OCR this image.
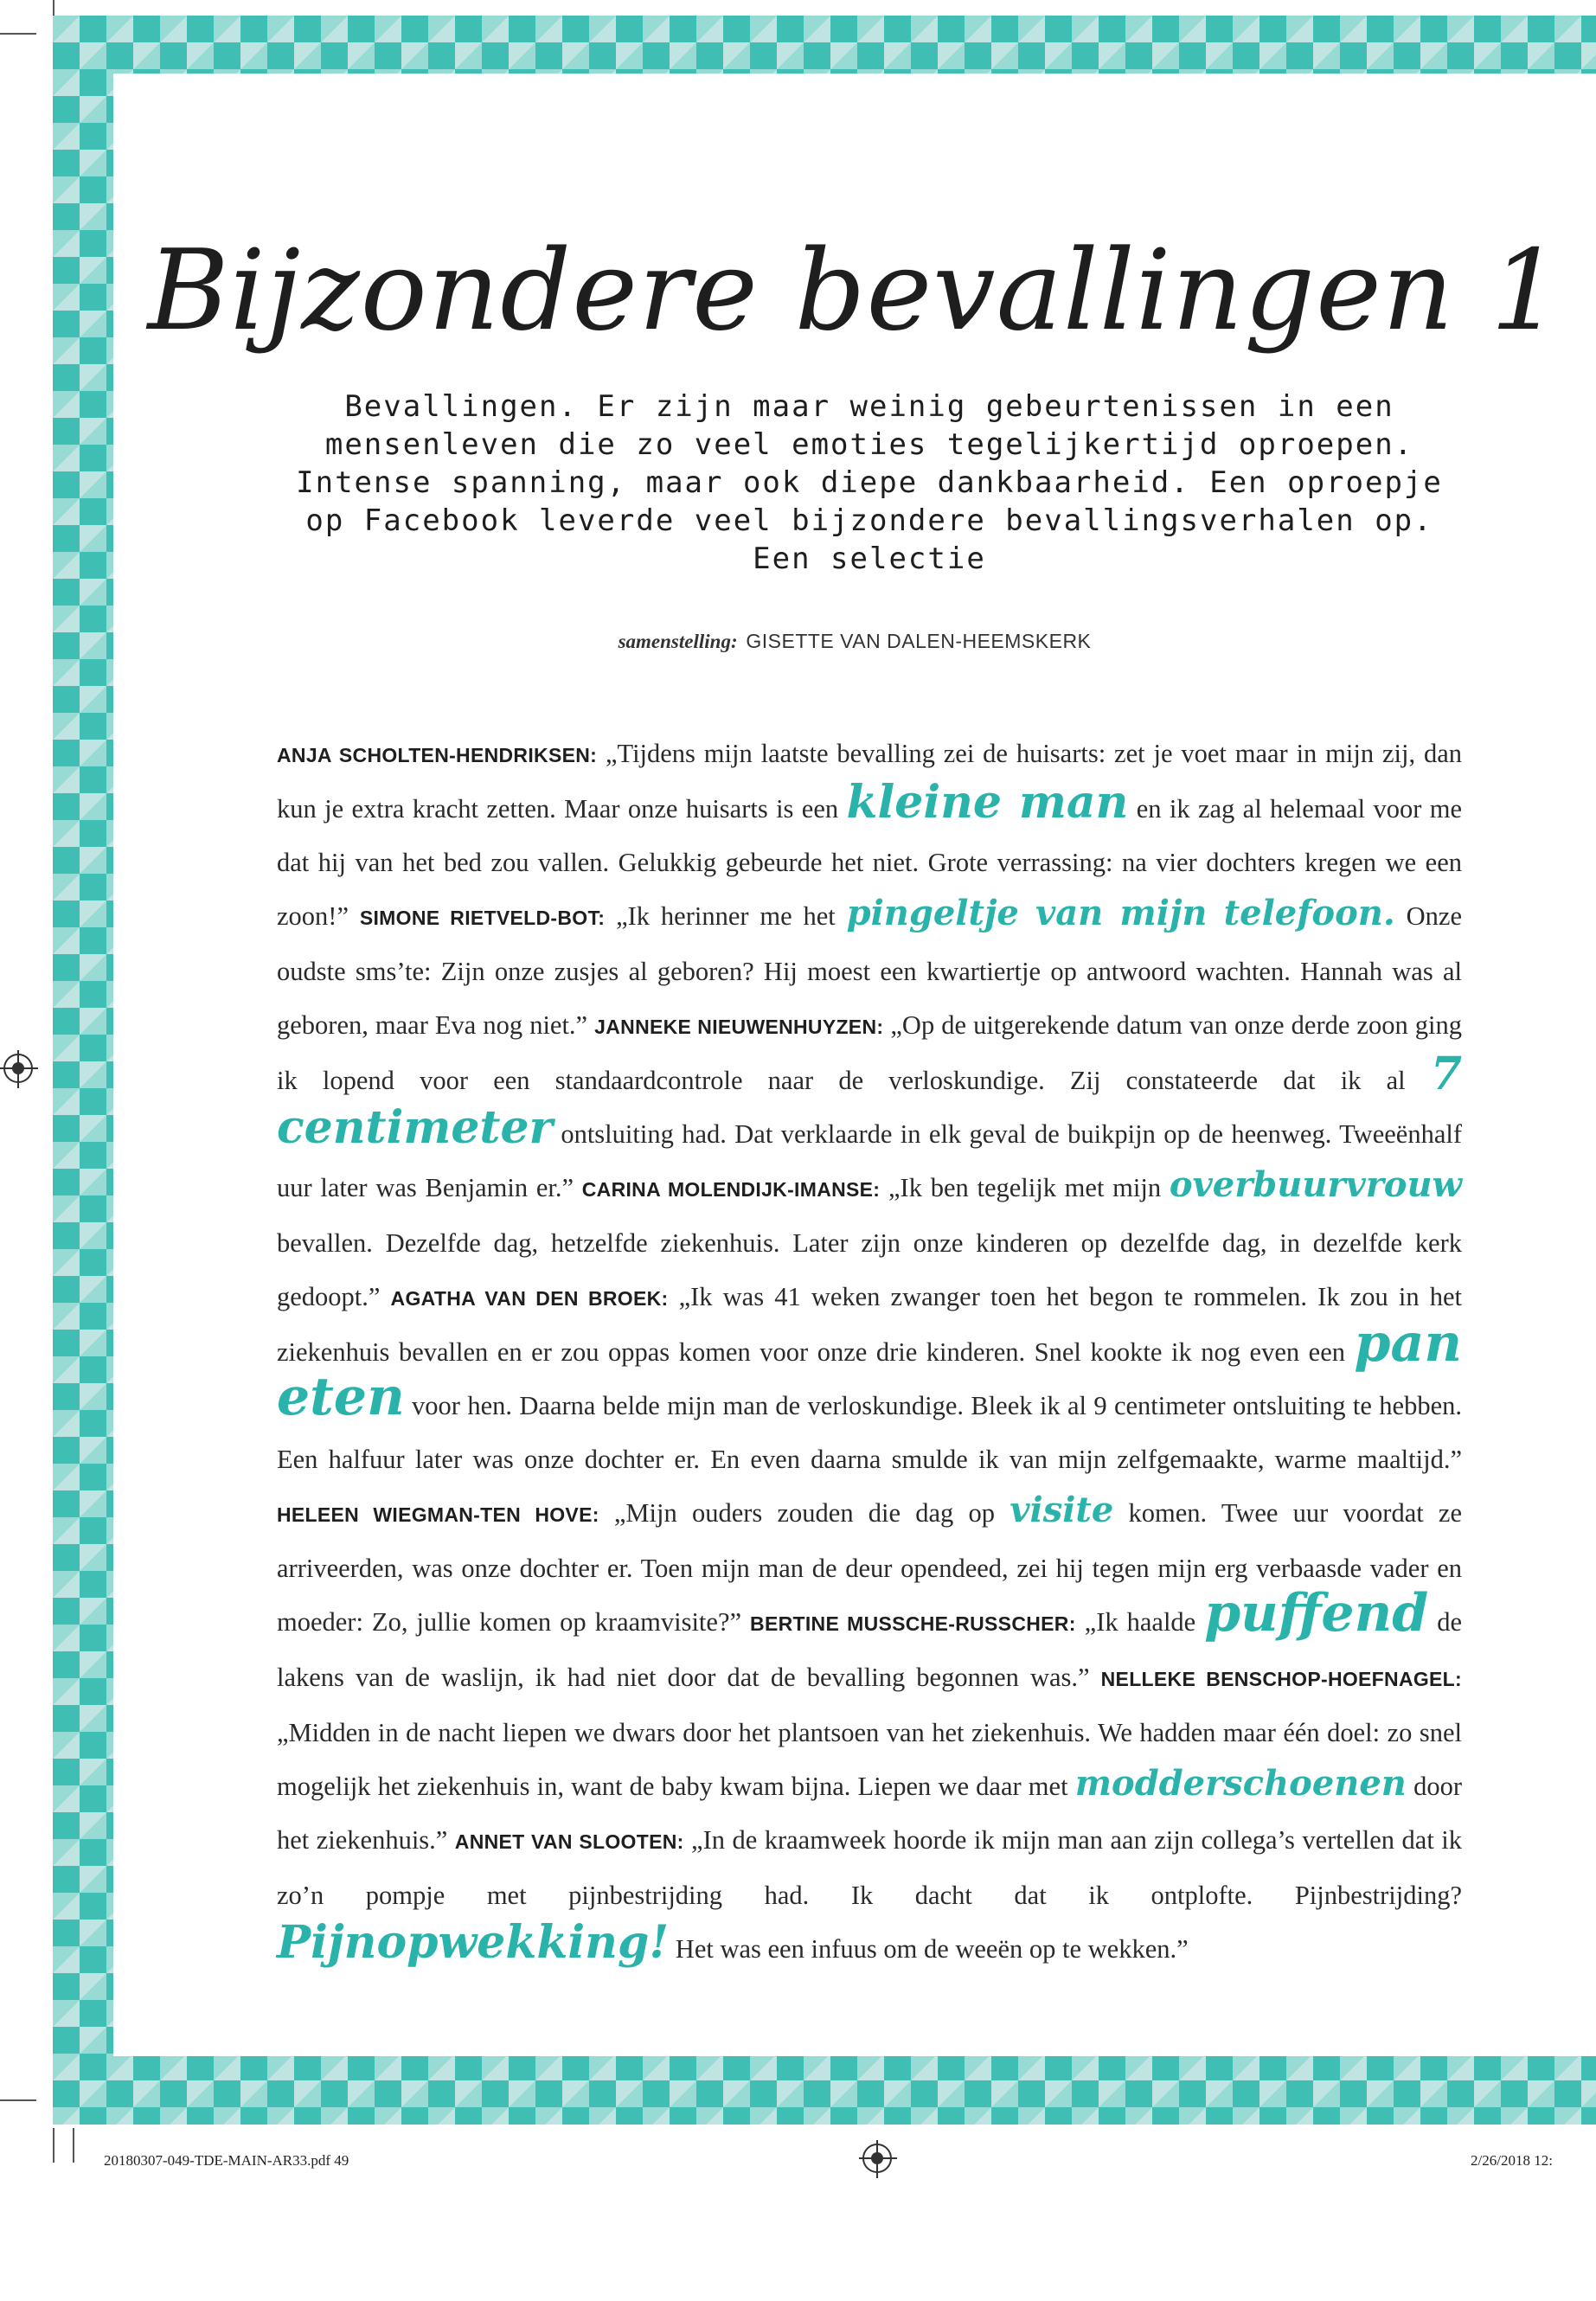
Bijzondere bevallingen 1

Bevallingen. Er zijn maar weinig gebeurtenissen in een mensenleven die zo veel emoties tegelijkertijd oproepen. Intense spanning, maar ook diepe dankbaarheid. Een oproepje op Facebook leverde veel bijzondere bevallingsverhalen op. Een selectie

samenstelling: GISETTE VAN DALEN-HEEMSKERK

ANJA SCHOLTEN-HENDRIKSEN: „Tijdens mijn laatste bevalling zei de huisarts: zet je voet maar in mijn zij, dan kun je extra kracht zetten. Maar onze huisarts is een kleine man en ik zag al helemaal voor me dat hij van het bed zou vallen. Gelukkig gebeurde het niet. Grote verrassing: na vier dochters kregen we een zoon!” SIMONE RIETVELD-BOT: „Ik herinner me het pingeltje van mijn telefoon. Onze oudste sms’te: Zijn onze zusjes al geboren? Hij moest een kwartiertje op antwoord wachten. Hannah was al geboren, maar Eva nog niet.” JANNEKE NIEUWENHUYZEN: „Op de uitgerekende datum van onze derde zoon ging ik lopend voor een standaardcontrole naar de verloskundige. Zij constateerde dat ik al 7 centimeter ontsluiting had. Dat verklaarde in elk geval de buikpijn op de heenweg. Tweeënhalf uur later was Benjamin er.” CARINA MOLENDIJK-IMANSE: „Ik ben tegelijk met mijn overbuurvrouw bevallen. Dezelfde dag, hetzelfde ziekenhuis. Later zijn onze kinderen op dezelfde dag, in dezelfde kerk gedoopt.” AGATHA VAN DEN BROEK: „Ik was 41 weken zwanger toen het begon te rommelen. Ik zou in het ziekenhuis bevallen en er zou oppas komen voor onze drie kinderen. Snel kookte ik nog even een pan eten voor hen. Daarna belde mijn man de verloskundige. Bleek ik al 9 centimeter ontsluiting te hebben. Een halfuur later was onze dochter er. En even daarna smulde ik van mijn zelfgemaakte, warme maaltijd.” HELEEN WIEGMAN-TEN HOVE: „Mijn ouders zouden die dag op visite komen. Twee uur voordat ze arriveerden, was onze dochter er. Toen mijn man de deur opendeed, zei hij tegen mijn erg verbaasde vader en moeder: Zo, jullie komen op kraamvisite?” BERTINE MUSSCHE-RUSSCHER: „Ik haalde puffend de lakens van de waslijn, ik had niet door dat de bevalling begonnen was.” NELLEKE BENSCHOP-HOEFNAGEL: „Midden in de nacht liepen we dwars door het plantsoen van het ziekenhuis. We hadden maar één doel: zo snel mogelijk het ziekenhuis in, want de baby kwam bijna. Liepen we daar met modderschoenen door het ziekenhuis.” ANNET VAN SLOOTEN: „In de kraamweek hoorde ik mijn man aan zijn collega’s vertellen dat ik zo’n pompje met pijnbestrijding had. Ik dacht dat ik ontplofte. Pijnbestrijding? Pijnopwekking! Het was een infuus om de weeën op te wekken.”

20180307-049-TDE-MAIN-AR33.pdf 49	2/26/2018 12:
